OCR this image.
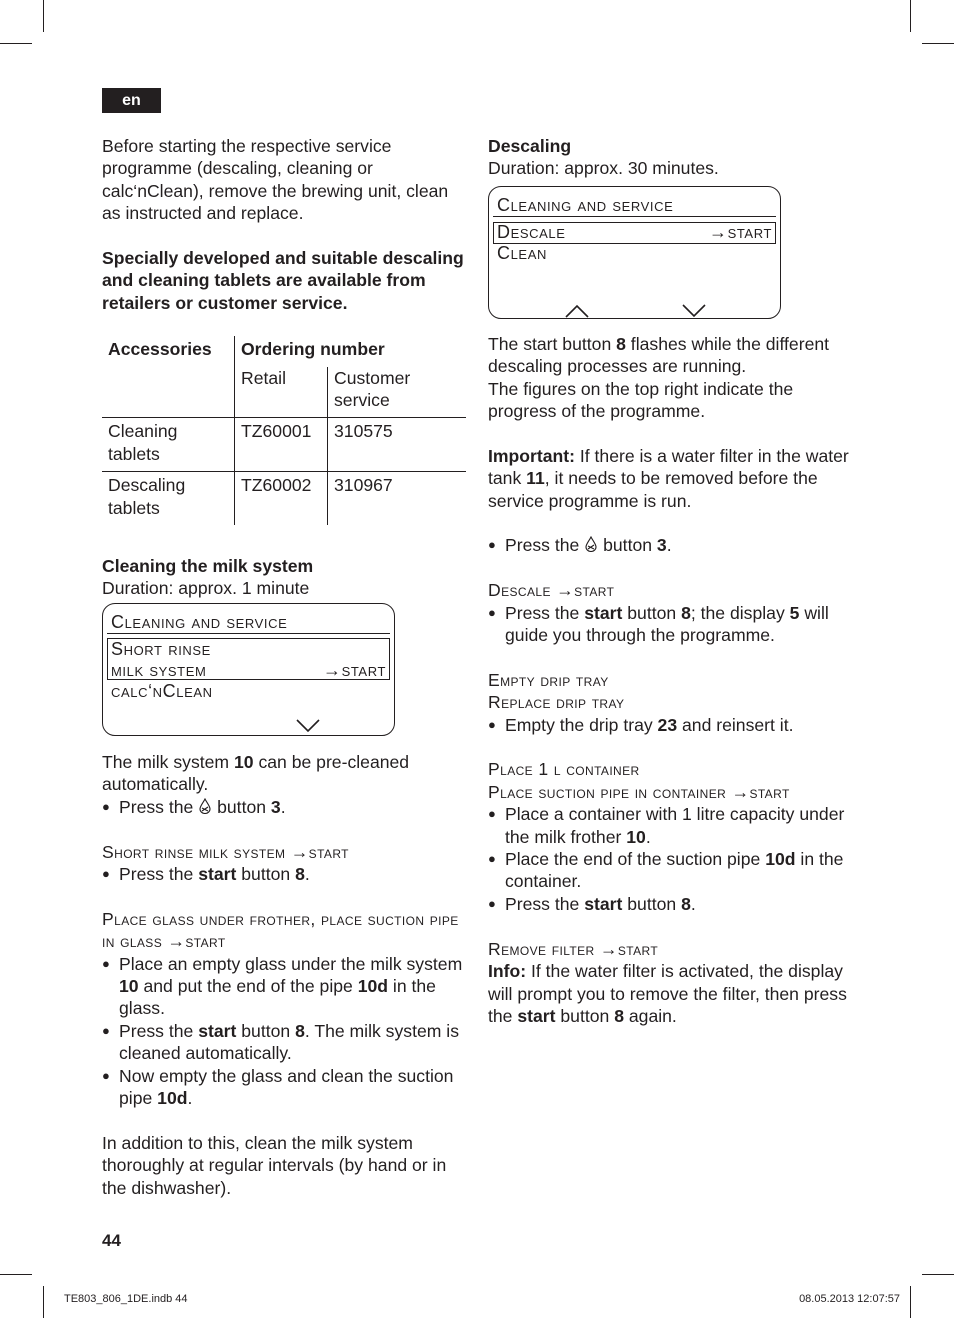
en

Before starting the respective service programme (descaling, cleaning or calc‘nClean), remove the brewing unit, clean as instructed and replace.

Specially developed and suitable descaling and cleaning tablets are available from retailers or customer service.

Accessories	Ordering number	
	Retail	Customer service
Cleaning tablets	TZ60001	310575
Descaling tablets	TZ60002	310967

Cleaning the milk system

Duration: approx. 1 minute

Cleaning and service
Short rinse
milk system	→start
calc‘nClean

The milk system 10 can be pre-cleaned automatically.

● Press the  button 3.

Short rinse milk system →start

● Press the start button 8.

Place glass under frother, place suction pipe in glass →start

● Place an empty glass under the milk system 10 and put the end of the pipe 10d in the glass.

● Press the start button 8. The milk system is cleaned automatically.

● Now empty the glass and clean the suction pipe 10d.

In addition to this, clean the milk system thoroughly at regular intervals (by hand or in the dishwasher).

Descaling

Duration: approx. 30 minutes.

Cleaning and service
Descale	→start
Clean

The start button 8 flashes while the different descaling processes are running.

The figures on the top right indicate the progress of the programme.

Important: If there is a water filter in the water tank 11, it needs to be removed before the service programme is run.

● Press the  button 3.

Descale →start

● Press the start button 8; the display 5 will guide you through the programme.

Empty drip tray

Replace drip tray

● Empty the drip tray 23 and reinsert it.

Place 1 l container

Place suction pipe in container →start

● Place a container with 1 litre capacity under the milk frother 10.

● Place the end of the suction pipe 10d in the container.

● Press the start button 8.

Remove filter →start

Info: If the water filter is activated, the display will prompt you to remove the filter, then press the start button 8 again.

44
TE803_806_1DE.indb 44	08.05.2013 12:07:57
